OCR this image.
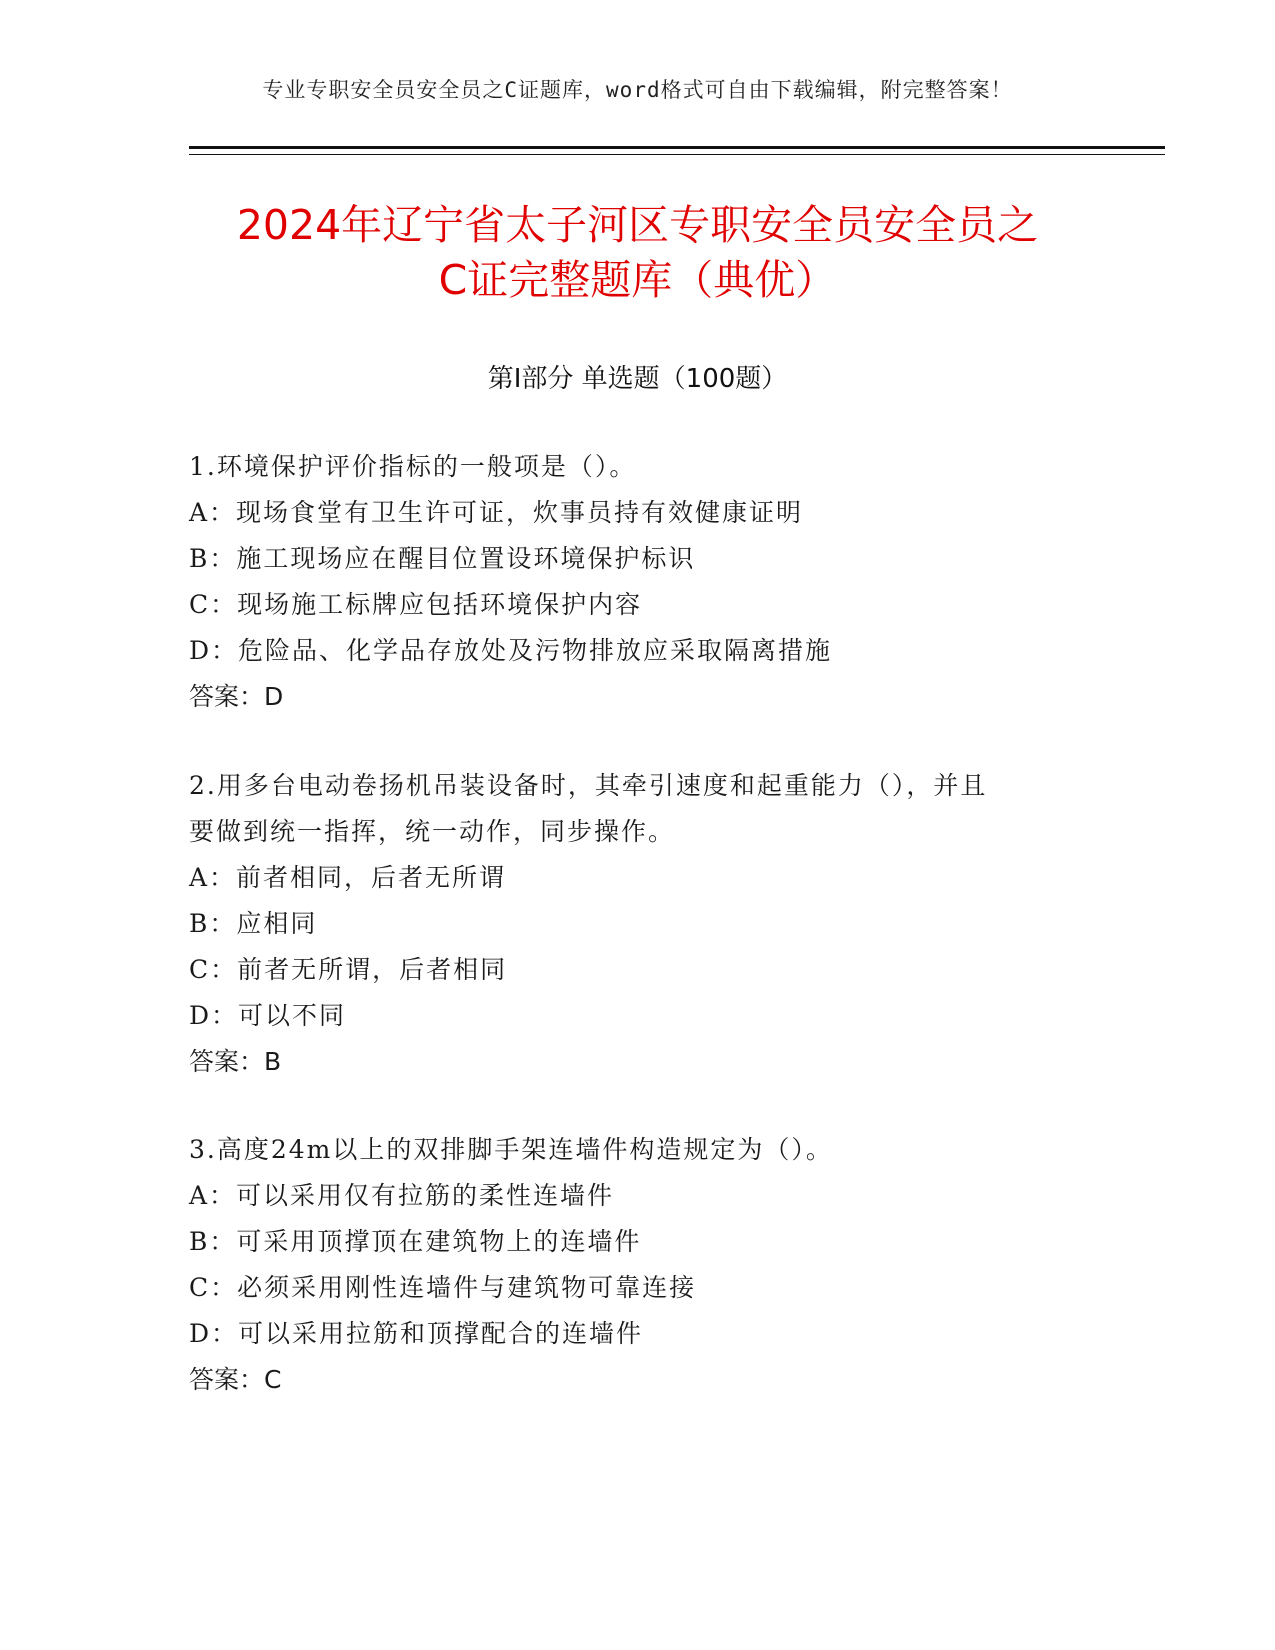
专业专职安全员安全员之C证题库，word格式可自由下载编辑，附完整答案！
2024年辽宁省太子河区专职安全员安全员之
C证完整题库（典优）
第I部分 单选题（100题）
1.环境保护评价指标的一般项是（）。
A：现场食堂有卫生许可证，炊事员持有效健康证明
B：施工现场应在醒目位置设环境保护标识
C：现场施工标牌应包括环境保护内容
D：危险品、化学品存放处及污物排放应采取隔离措施
答案：D
2.用多台电动卷扬机吊装设备时，其牵引速度和起重能力（），并且
要做到统一指挥，统一动作，同步操作。
A：前者相同，后者无所谓
B：应相同
C：前者无所谓，后者相同
D：可以不同
答案：B
3.高度24m以上的双排脚手架连墙件构造规定为（）。
A：可以采用仅有拉筋的柔性连墙件
B：可采用顶撑顶在建筑物上的连墙件
C：必须采用刚性连墙件与建筑物可靠连接
D：可以采用拉筋和顶撑配合的连墙件
答案：C
